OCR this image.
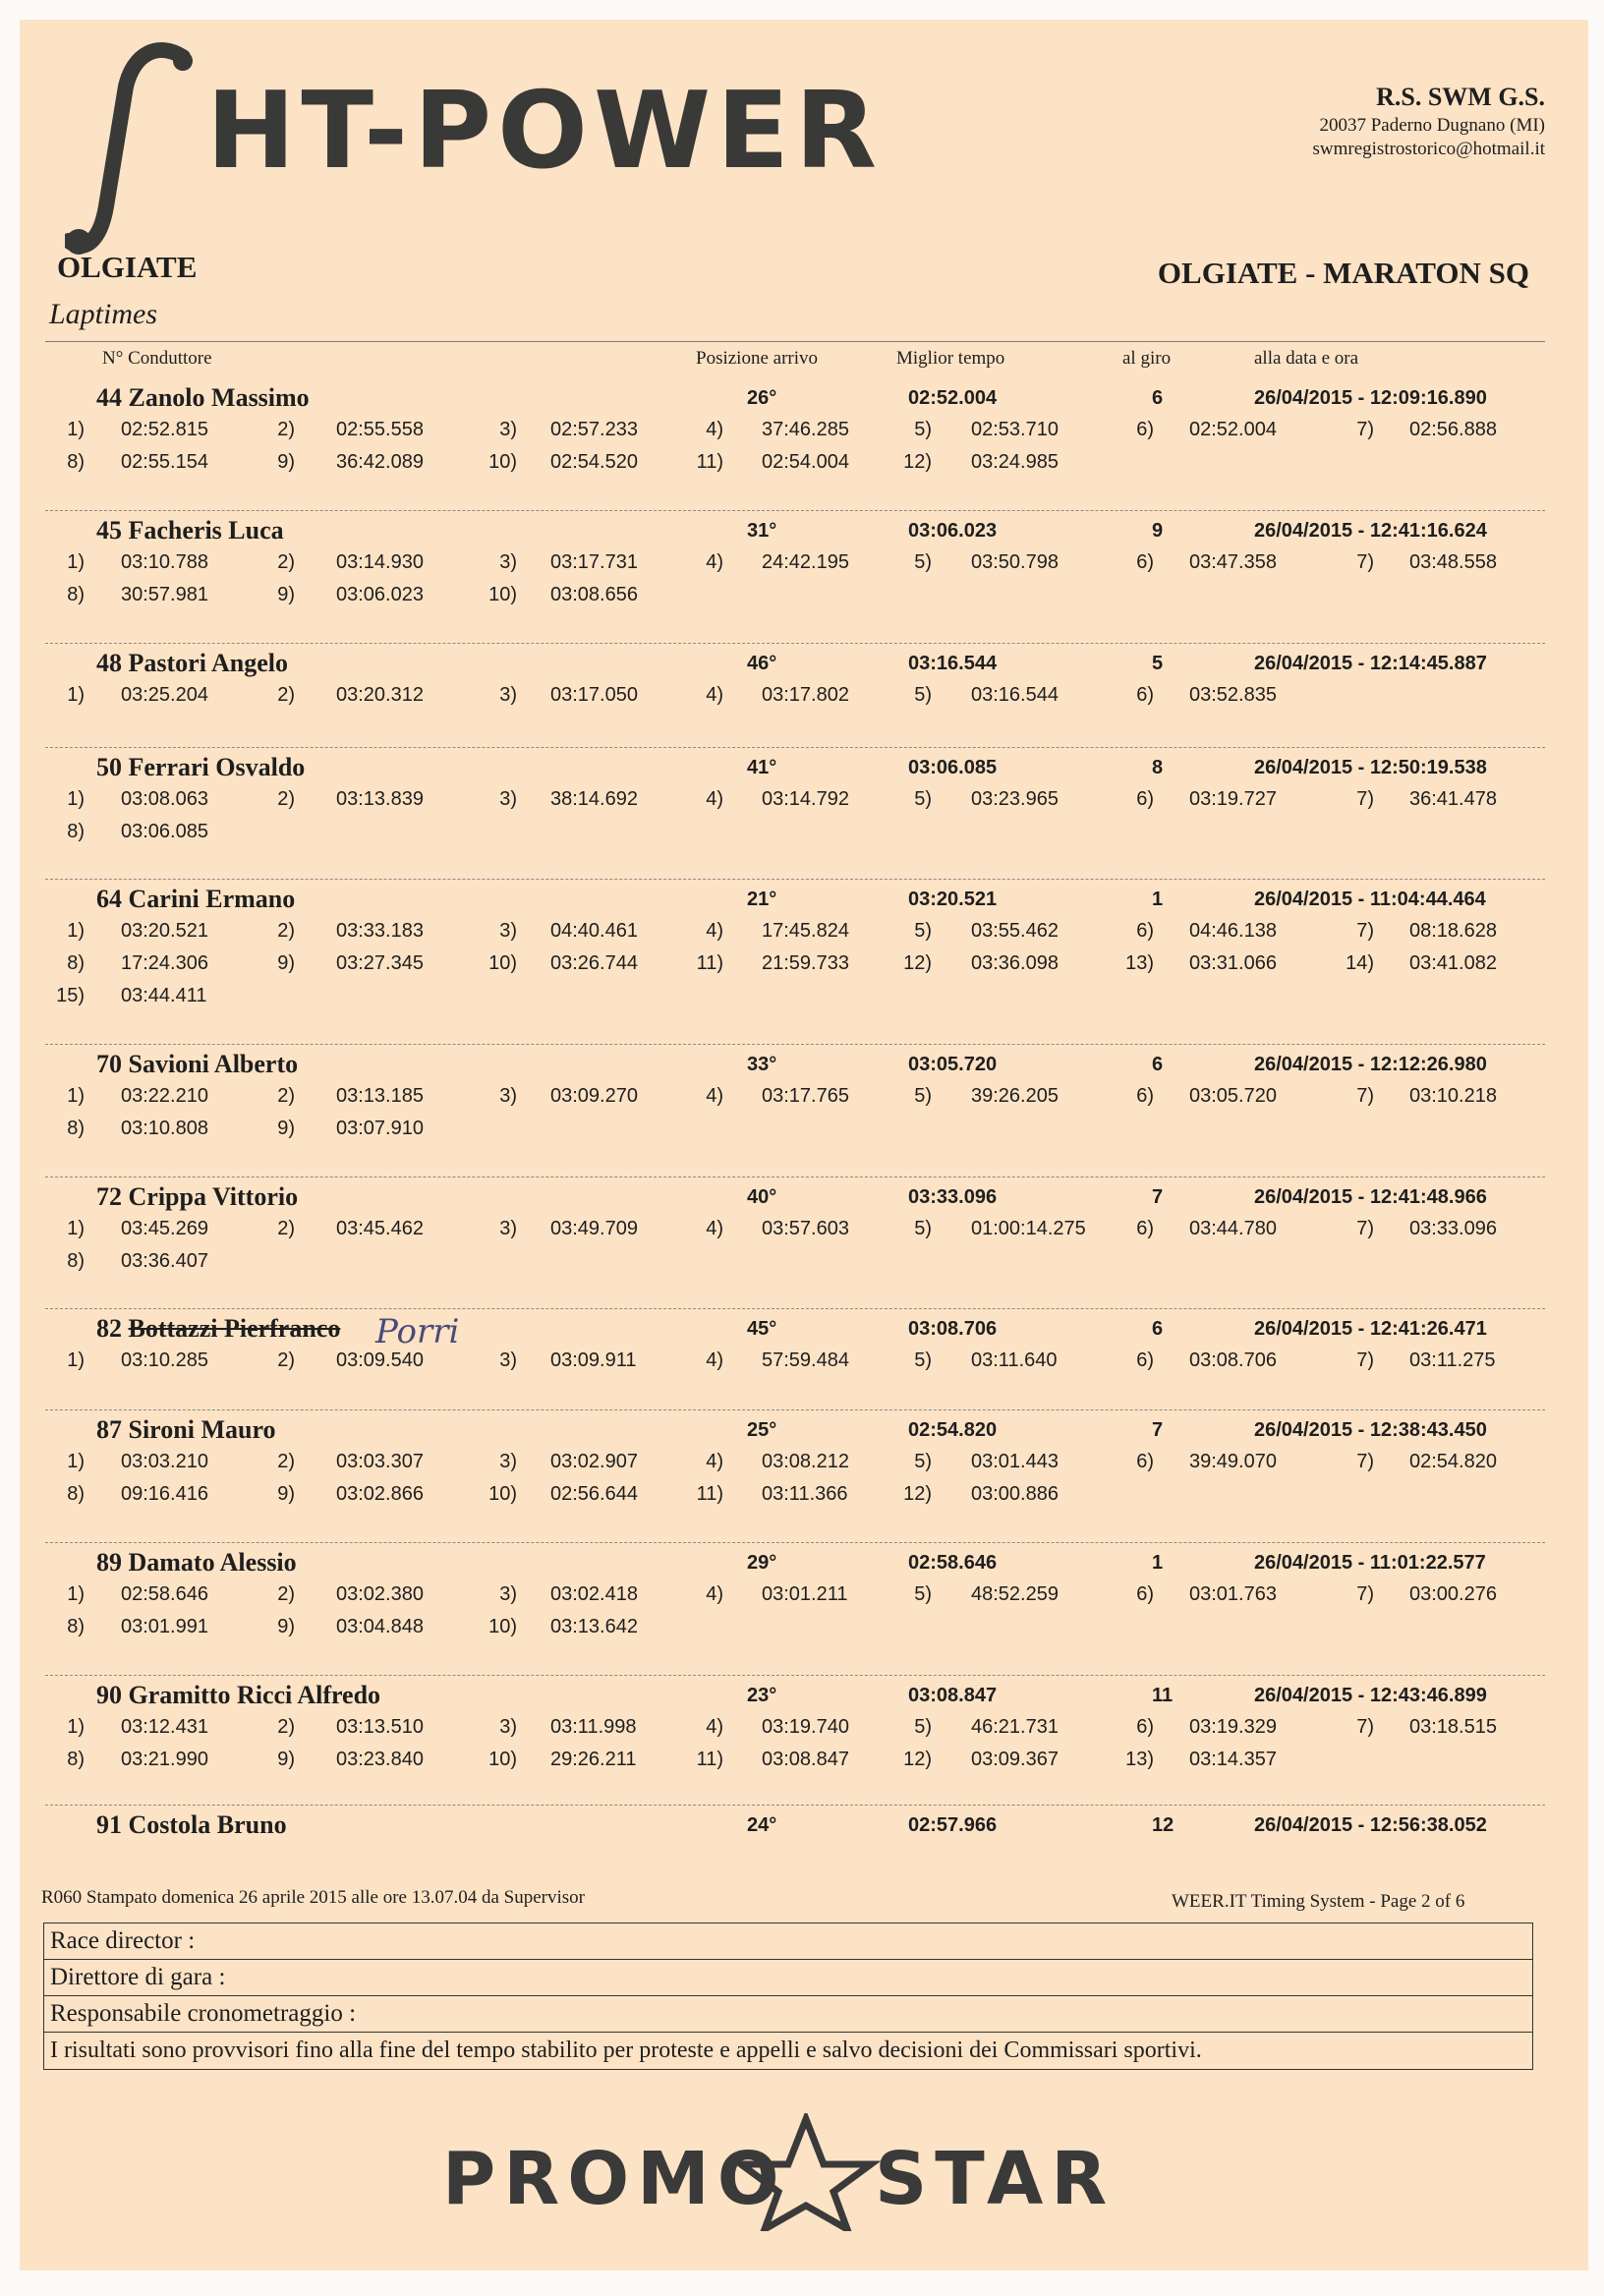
HT-POWER	R.S. SWM G.S.
20037 Paderno Dugnano (MI)
swmregistrostorico@hotmail.it
OLGIATE	OLGIATE - MARATON SQ
Laptimes
N° Conduttore	Posizione arrivo	Miglior tempo	al giro	alla data e ora
44 Zanolo Massimo	26°	02:52.004	6	26/04/2015 - 12:09:16.890
1) 02:52.815	2) 02:55.558	3) 02:57.233	4) 37:46.285	5) 02:53.710	6) 02:52.004	7) 02:56.888
8) 02:55.154	9) 36:42.089	10) 02:54.520	11) 02:54.004	12) 03:24.985
45 Facheris Luca	31°	03:06.023	9	26/04/2015 - 12:41:16.624
1) 03:10.788	2) 03:14.930	3) 03:17.731	4) 24:42.195	5) 03:50.798	6) 03:47.358	7) 03:48.558
8) 30:57.981	9) 03:06.023	10) 03:08.656
48 Pastori Angelo	46°	03:16.544	5	26/04/2015 - 12:14:45.887
1) 03:25.204	2) 03:20.312	3) 03:17.050	4) 03:17.802	5) 03:16.544	6) 03:52.835
50 Ferrari Osvaldo	41°	03:06.085	8	26/04/2015 - 12:50:19.538
1) 03:08.063	2) 03:13.839	3) 38:14.692	4) 03:14.792	5) 03:23.965	6) 03:19.727	7) 36:41.478
8) 03:06.085
64 Carini Ermano	21°	03:20.521	1	26/04/2015 - 11:04:44.464
1) 03:20.521	2) 03:33.183	3) 04:40.461	4) 17:45.824	5) 03:55.462	6) 04:46.138	7) 08:18.628
8) 17:24.306	9) 03:27.345	10) 03:26.744	11) 21:59.733	12) 03:36.098	13) 03:31.066	14) 03:41.082
15) 03:44.411
70 Savioni Alberto	33°	03:05.720	6	26/04/2015 - 12:12:26.980
1) 03:22.210	2) 03:13.185	3) 03:09.270	4) 03:17.765	5) 39:26.205	6) 03:05.720	7) 03:10.218
8) 03:10.808	9) 03:07.910
72 Crippa Vittorio	40°	03:33.096	7	26/04/2015 - 12:41:48.966
1) 03:45.269	2) 03:45.462	3) 03:49.709	4) 03:57.603	5) 01:00:14.275	6) 03:44.780	7) 03:33.096
8) 03:36.407
82 Bottazzi Pierfranco Porri	45°	03:08.706	6	26/04/2015 - 12:41:26.471
1) 03:10.285	2) 03:09.540	3) 03:09.911	4) 57:59.484	5) 03:11.640	6) 03:08.706	7) 03:11.275
87 Sironi Mauro	25°	02:54.820	7	26/04/2015 - 12:38:43.450
1) 03:03.210	2) 03:03.307	3) 03:02.907	4) 03:08.212	5) 03:01.443	6) 39:49.070	7) 02:54.820
8) 09:16.416	9) 03:02.866	10) 02:56.644	11) 03:11.366	12) 03:00.886
89 Damato Alessio	29°	02:58.646	1	26/04/2015 - 11:01:22.577
1) 02:58.646	2) 03:02.380	3) 03:02.418	4) 03:01.211	5) 48:52.259	6) 03:01.763	7) 03:00.276
8) 03:01.991	9) 03:04.848	10) 03:13.642
90 Gramitto Ricci Alfredo	23°	03:08.847	11	26/04/2015 - 12:43:46.899
1) 03:12.431	2) 03:13.510	3) 03:11.998	4) 03:19.740	5) 46:21.731	6) 03:19.329	7) 03:18.515
8) 03:21.990	9) 03:23.840	10) 29:26.211	11) 03:08.847	12) 03:09.367	13) 03:14.357
91 Costola Bruno	24°	02:57.966	12	26/04/2015 - 12:56:38.052
R060 Stampato domenica 26 aprile 2015 alle ore 13.07.04 da Supervisor	WEER.IT Timing System - Page 2 of 6
Race director :
Direttore di gara :
Responsabile cronometraggio :
I risultati sono provvisori fino alla fine del tempo stabilito per proteste e appelli e salvo decisioni dei Commissari sportivi.
PROMO STAR
